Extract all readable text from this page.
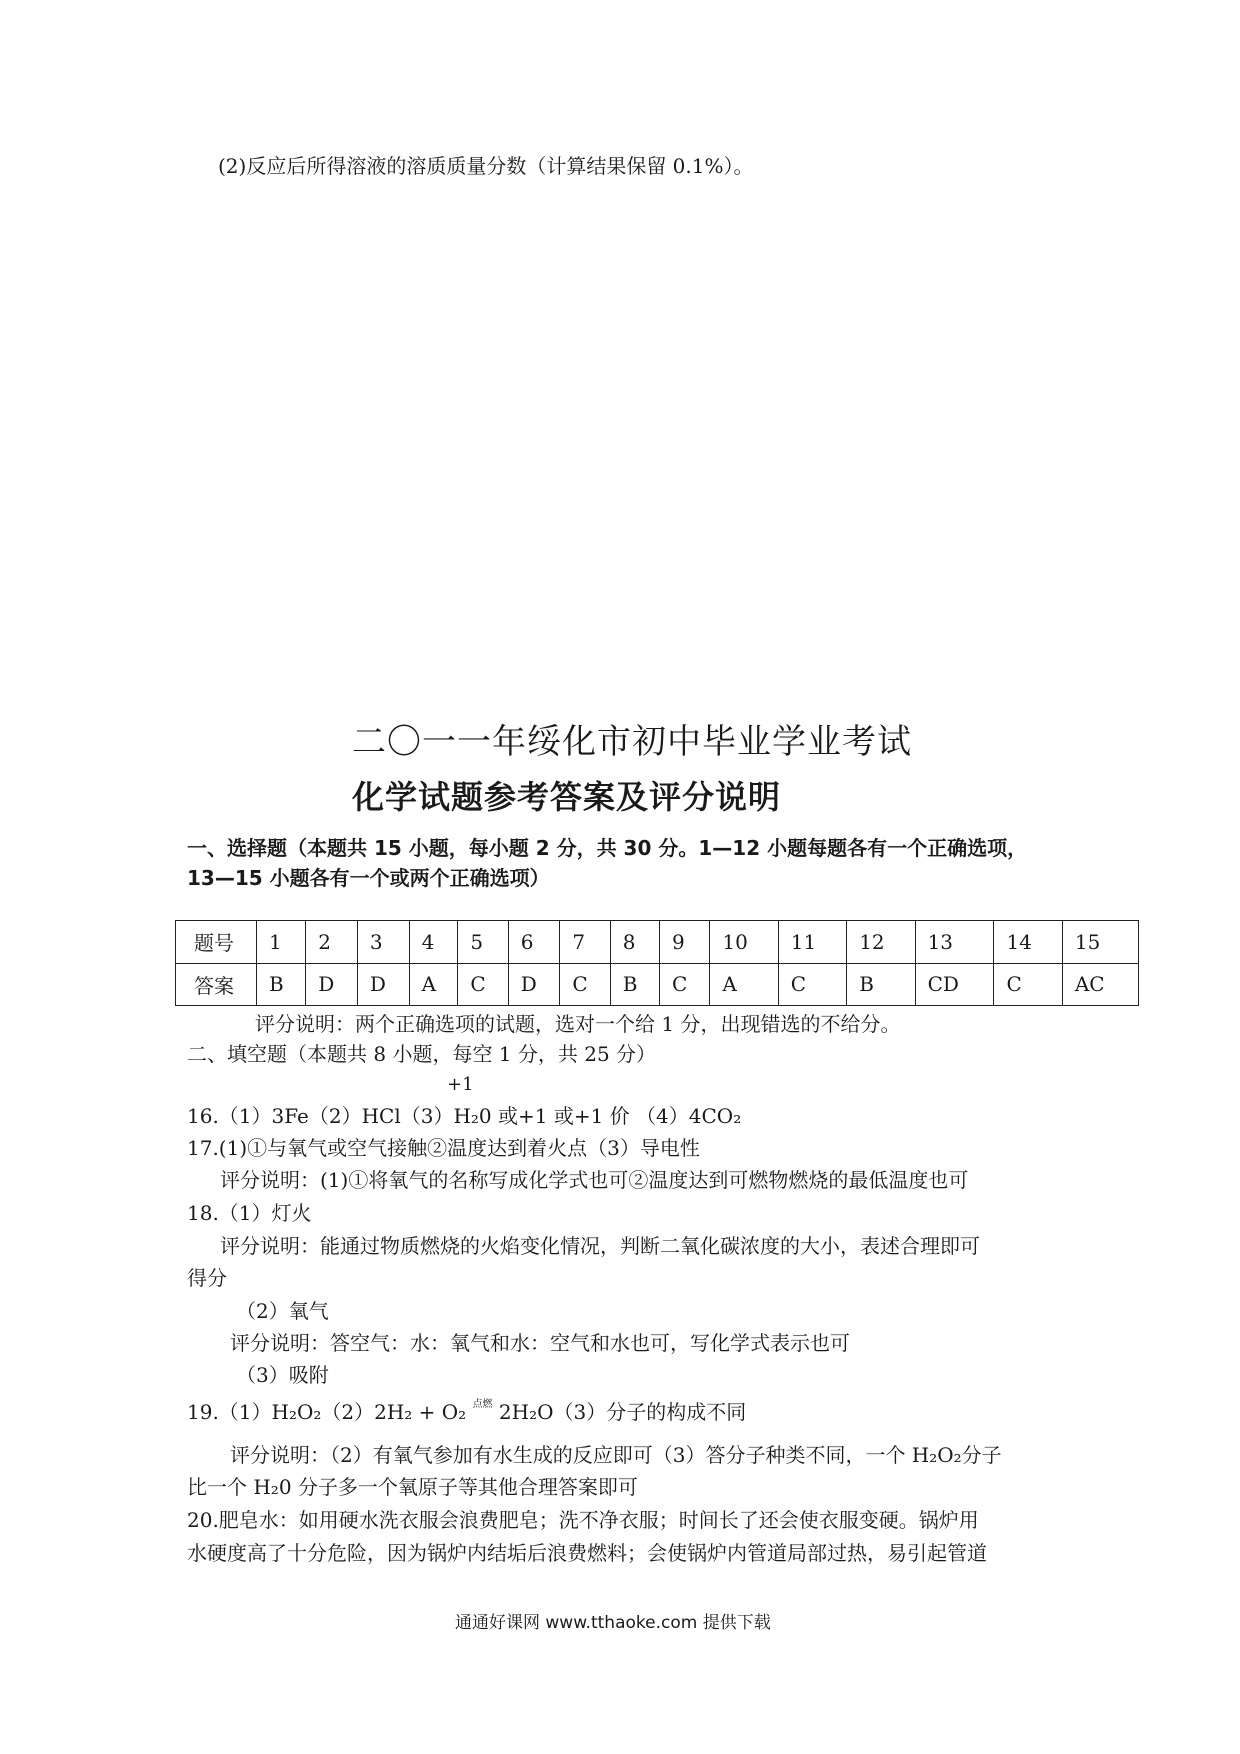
(2)反应后所得溶液的溶质质量分数（计算结果保留 0.1%）。
二〇一一年绥化市初中毕业学业考试
化学试题参考答案及评分说明
一、选择题（本题共 15 小题，每小题 2 分，共 30 分。1—12 小题每题各有一个正确选项，
13—15 小题各有一个或两个正确选项）
题号	1	2	3	4	5	6	7	8	9	10	11	12	13	14	15
答案	B	D	D	A	C	D	C	B	C	A	C	B	CD	C	AC
评分说明：两个正确选项的试题，选对一个给 1 分，出现错选的不给分。
二、填空题（本题共 8 小题，每空 1 分，共 25 分）
+1
16.（1）3Fe（2）HCl（3）H₂0 或+1 或+1 价 （4）4CO₂
17.(1)①与氧气或空气接触②温度达到着火点（3）导电性
评分说明：(1)①将氧气的名称写成化学式也可②温度达到可燃物燃烧的最低温度也可
18.（1）灯火
评分说明：能通过物质燃烧的火焰变化情况，判断二氧化碳浓度的大小，表述合理即可
得分
（2）氧气
评分说明：答空气：水：氧气和水：空气和水也可，写化学式表示也可
（3）吸附
19.（1）H₂O₂（2）2H₂ + O₂ $^{点燃}$ 2H₂O（3）分子的构成不同
评分说明：（2）有氧气参加有水生成的反应即可（3）答分子种类不同，一个 H₂O₂分子
比一个 H₂0 分子多一个氧原子等其他合理答案即可
20.肥皂水：如用硬水洗衣服会浪费肥皂；洗不净衣服；时间长了还会使衣服变硬。锅炉用
水硬度高了十分危险，因为锅炉内结垢后浪费燃料；会使锅炉内管道局部过热，易引起管道
通通好课网 www.tthaoke.com 提供下载
